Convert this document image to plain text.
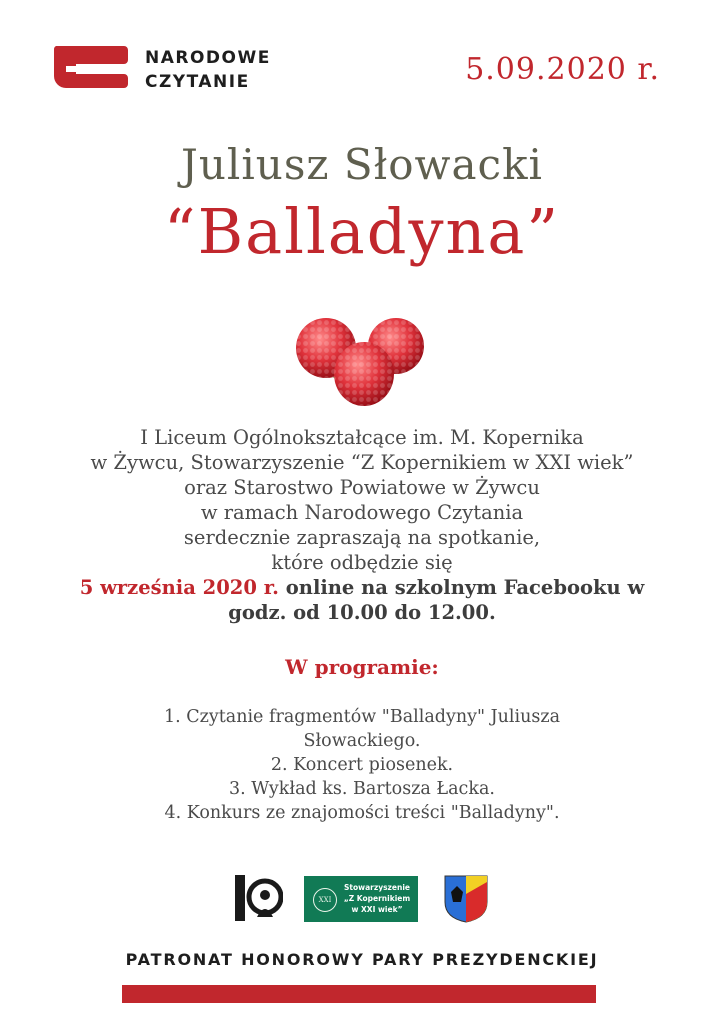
NARODOWE
CZYTANIE	5.09.2020 r.
Juliusz Słowacki
“Balladyna”
I Liceum Ogólnokształcące im. M. Kopernika
w Żywcu, Stowarzyszenie “Z Kopernikiem w XXI wiek”
oraz Starostwo Powiatowe w Żywcu
w ramach Narodowego Czytania
serdecznie zapraszają na spotkanie,
które odbędzie się
5 września 2020 r. online na szkolnym Facebooku w
godz. od 10.00 do 12.00.
W programie:
1. Czytanie fragmentów "Balladyny" Juliusza
Słowackiego.
2. Koncert piosenek.
3. Wykład ks. Bartosza Łacka.
4. Konkurs ze znajomości treści "Balladyny".
XXI
Stowarzyszenie
„Z Kopernikiem
w XXI wiek”
PATRONAT HONOROWY PARY PREZYDENCKIEJ
